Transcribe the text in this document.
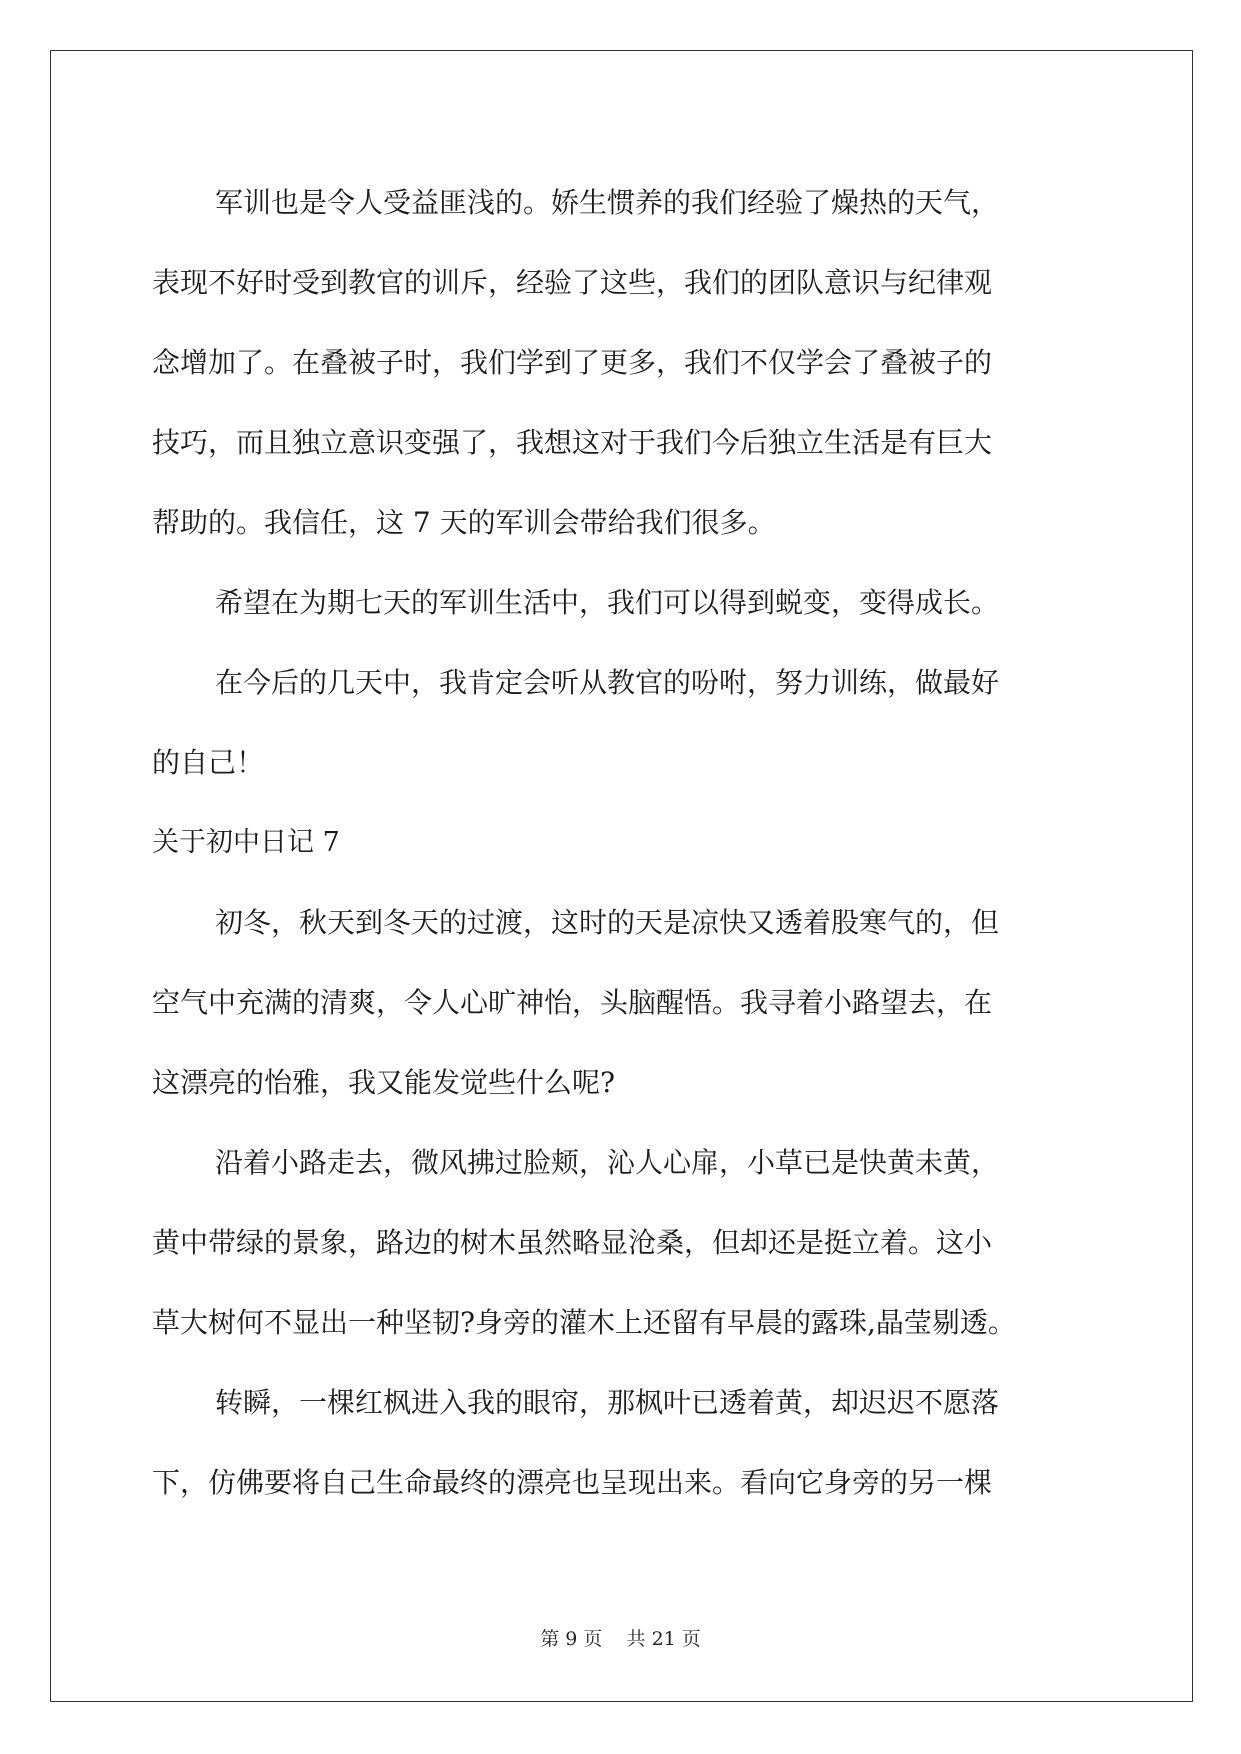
军训也是令人受益匪浅的。娇生惯养的我们经验了燥热的天气，
表现不好时受到教官的训斥，经验了这些，我们的团队意识与纪律观
念增加了。在叠被子时，我们学到了更多，我们不仅学会了叠被子的
技巧，而且独立意识变强了，我想这对于我们今后独立生活是有巨大
帮助的。我信任，这 7 天的军训会带给我们很多。
希望在为期七天的军训生活中，我们可以得到蜕变，变得成长。
在今后的几天中，我肯定会听从教官的吩咐，努力训练，做最好
的自己！
关于初中日记 7
初冬，秋天到冬天的过渡，这时的天是凉快又透着股寒气的，但
空气中充满的清爽，令人心旷神怡，头脑醒悟。我寻着小路望去，在
这漂亮的怡雅，我又能发觉些什么呢?
沿着小路走去，微风拂过脸颊，沁人心扉，小草已是快黄未黄，
黄中带绿的景象，路边的树木虽然略显沧桑，但却还是挺立着。这小
草大树何不显出一种坚韧?身旁的灌木上还留有早晨的露珠,晶莹剔透。
转瞬，一棵红枫进入我的眼帘，那枫叶已透着黄，却迟迟不愿落
下，仿佛要将自己生命最终的漂亮也呈现出来。看向它身旁的另一棵
第 9 页    共 21 页
